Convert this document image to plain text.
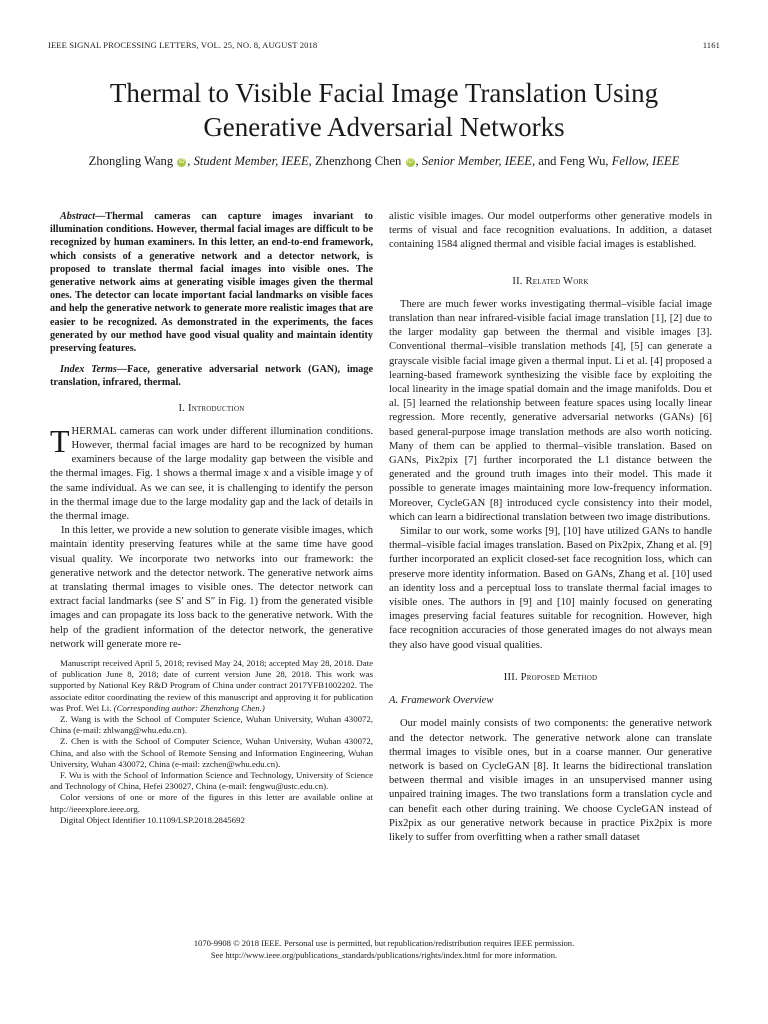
IEEE SIGNAL PROCESSING LETTERS, VOL. 25, NO. 8, AUGUST 2018	1161
Thermal to Visible Facial Image Translation Using
Generative Adversarial Networks
Zhongling Wang iD , Student Member, IEEE, Zhenzhong Chen iD , Senior Member, IEEE, and Feng Wu, Fellow, IEEE

Abstract—Thermal cameras can capture images invariant to illumination conditions. However, thermal facial images are difficult to be recognized by human examiners. In this letter, an end-to-end framework, which consists of a generative network and a detector network, is proposed to translate thermal facial images into visible ones. The generative network aims at generating visible images given the thermal ones. The detector can locate important facial landmarks on visible faces and help the generative network to generate more realistic images that are easier to be recognized. As demonstrated in the experiments, the faces generated by our method have good visual quality and maintain identity preserving features.

Index Terms—Face, generative adversarial network (GAN), image translation, infrared, thermal.

I. Introduction

THERMAL cameras can work under different illumination conditions. However, thermal facial images are hard to be recognized by human examiners because of the large modality gap between the visible and the thermal images. Fig. 1 shows a thermal image x and a visible image y of the same individual. As we can see, it is challenging to identify the person in the thermal image due to the large modality gap and the lack of details in the thermal image.

In this letter, we provide a new solution to generate visible images, which maintain identity preserving features while at the same time have good visual quality. We incorporate two networks into our framework: the generative network and the detector network. The generative network aims at translating thermal images to visible ones. The detector network can extract facial landmarks (see S′ and S″ in Fig. 1) from the generated visible images and can propagate its loss back to the generative network. With the help of the gradient information of the detector network, the generative network will generate more re-

Manuscript received April 5, 2018; revised May 24, 2018; accepted May 28, 2018. Date of publication June 8, 2018; date of current version June 28, 2018. This work was supported by National Key R&D Program of China under contract 2017YFB1002202. The associate editor coordinating the review of this manuscript and approving it for publication was Prof. Wei Li. (Corresponding author: Zhenzhong Chen.)

Z. Wang is with the School of Computer Science, Wuhan University, Wuhan 430072, China (e-mail: zhlwang@whu.edu.cn).

Z. Chen is with the School of Computer Science, Wuhan University, Wuhan 430072, China, and also with the School of Remote Sensing and Information Engineering, Wuhan University, Wuhan 430072, China (e-mail: zzchen@whu.edu.cn).

F. Wu is with the School of Information Science and Technology, University of Science and Technology of China, Hefei 230027, China (e-mail: fengwu@ustc.edu.cn).

Color versions of one or more of the figures in this letter are available online at http://ieeexplore.ieee.org.

Digital Object Identifier 10.1109/LSP.2018.2845692

alistic visible images. Our model outperforms other generative models in terms of visual and face recognition evaluations. In addition, a dataset containing 1584 aligned thermal and visible facial images is established.

II. Related Work

There are much fewer works investigating thermal–visible facial image translation than near infrared-visible facial image translation [1], [2] due to the larger modality gap between the thermal and visible images [3]. Conventional thermal–visible translation methods [4], [5] can generate a grayscale visible facial image given a thermal input. Li et al. [4] proposed a learning-based framework synthesizing the visible face by exploiting the local linearity in the image spatial domain and the image manifolds. Dou et al. [5] learned the relationship between feature spaces using locally linear regression. More recently, generative adversarial networks (GANs) [6] based general-purpose image translation methods are also worth noticing. Many of them can be applied to thermal–visible translation. Based on GANs, Pix2pix [7] further incorporated the L1 distance between the generated and the ground truth images into their model. This made it possible to generate images maintaining more low-frequency information. Moreover, CycleGAN [8] introduced cycle consistency into their model, which can learn a bidirectional translation between two image distributions.

Similar to our work, some works [9], [10] have utilized GANs to handle thermal–visible facial images translation. Based on Pix2pix, Zhang et al. [9] further incorporated an explicit closed-set face recognition loss, which can preserve more identity information. Based on GANs, Zhang et al. [10] used an identity loss and a perceptual loss to translate thermal facial images to visible ones. The authors in [9] and [10] mainly focused on generating images preserving facial features suitable for recognition. However, high face recognition accuracies of those generated images do not always mean they also have good visual qualities.

III. Proposed Method
A. Framework Overview

Our model mainly consists of two components: the generative network and the detector network. The generative network alone can translate thermal images to visible ones, but in a coarse manner. Our generative network is based on CycleGAN [8]. It learns the bidirectional translation between thermal and visible images in an unsupervised manner using unpaired training images. The two translations form a translation cycle and can benefit each other during training. We choose CycleGAN instead of Pix2pix as our generative network because in practice Pix2pix is more likely to suffer from overfitting when a rather small dataset

1070-9908 © 2018 IEEE. Personal use is permitted, but republication/redistribution requires IEEE permission.
See http://www.ieee.org/publications_standards/publications/rights/index.html for more information.
